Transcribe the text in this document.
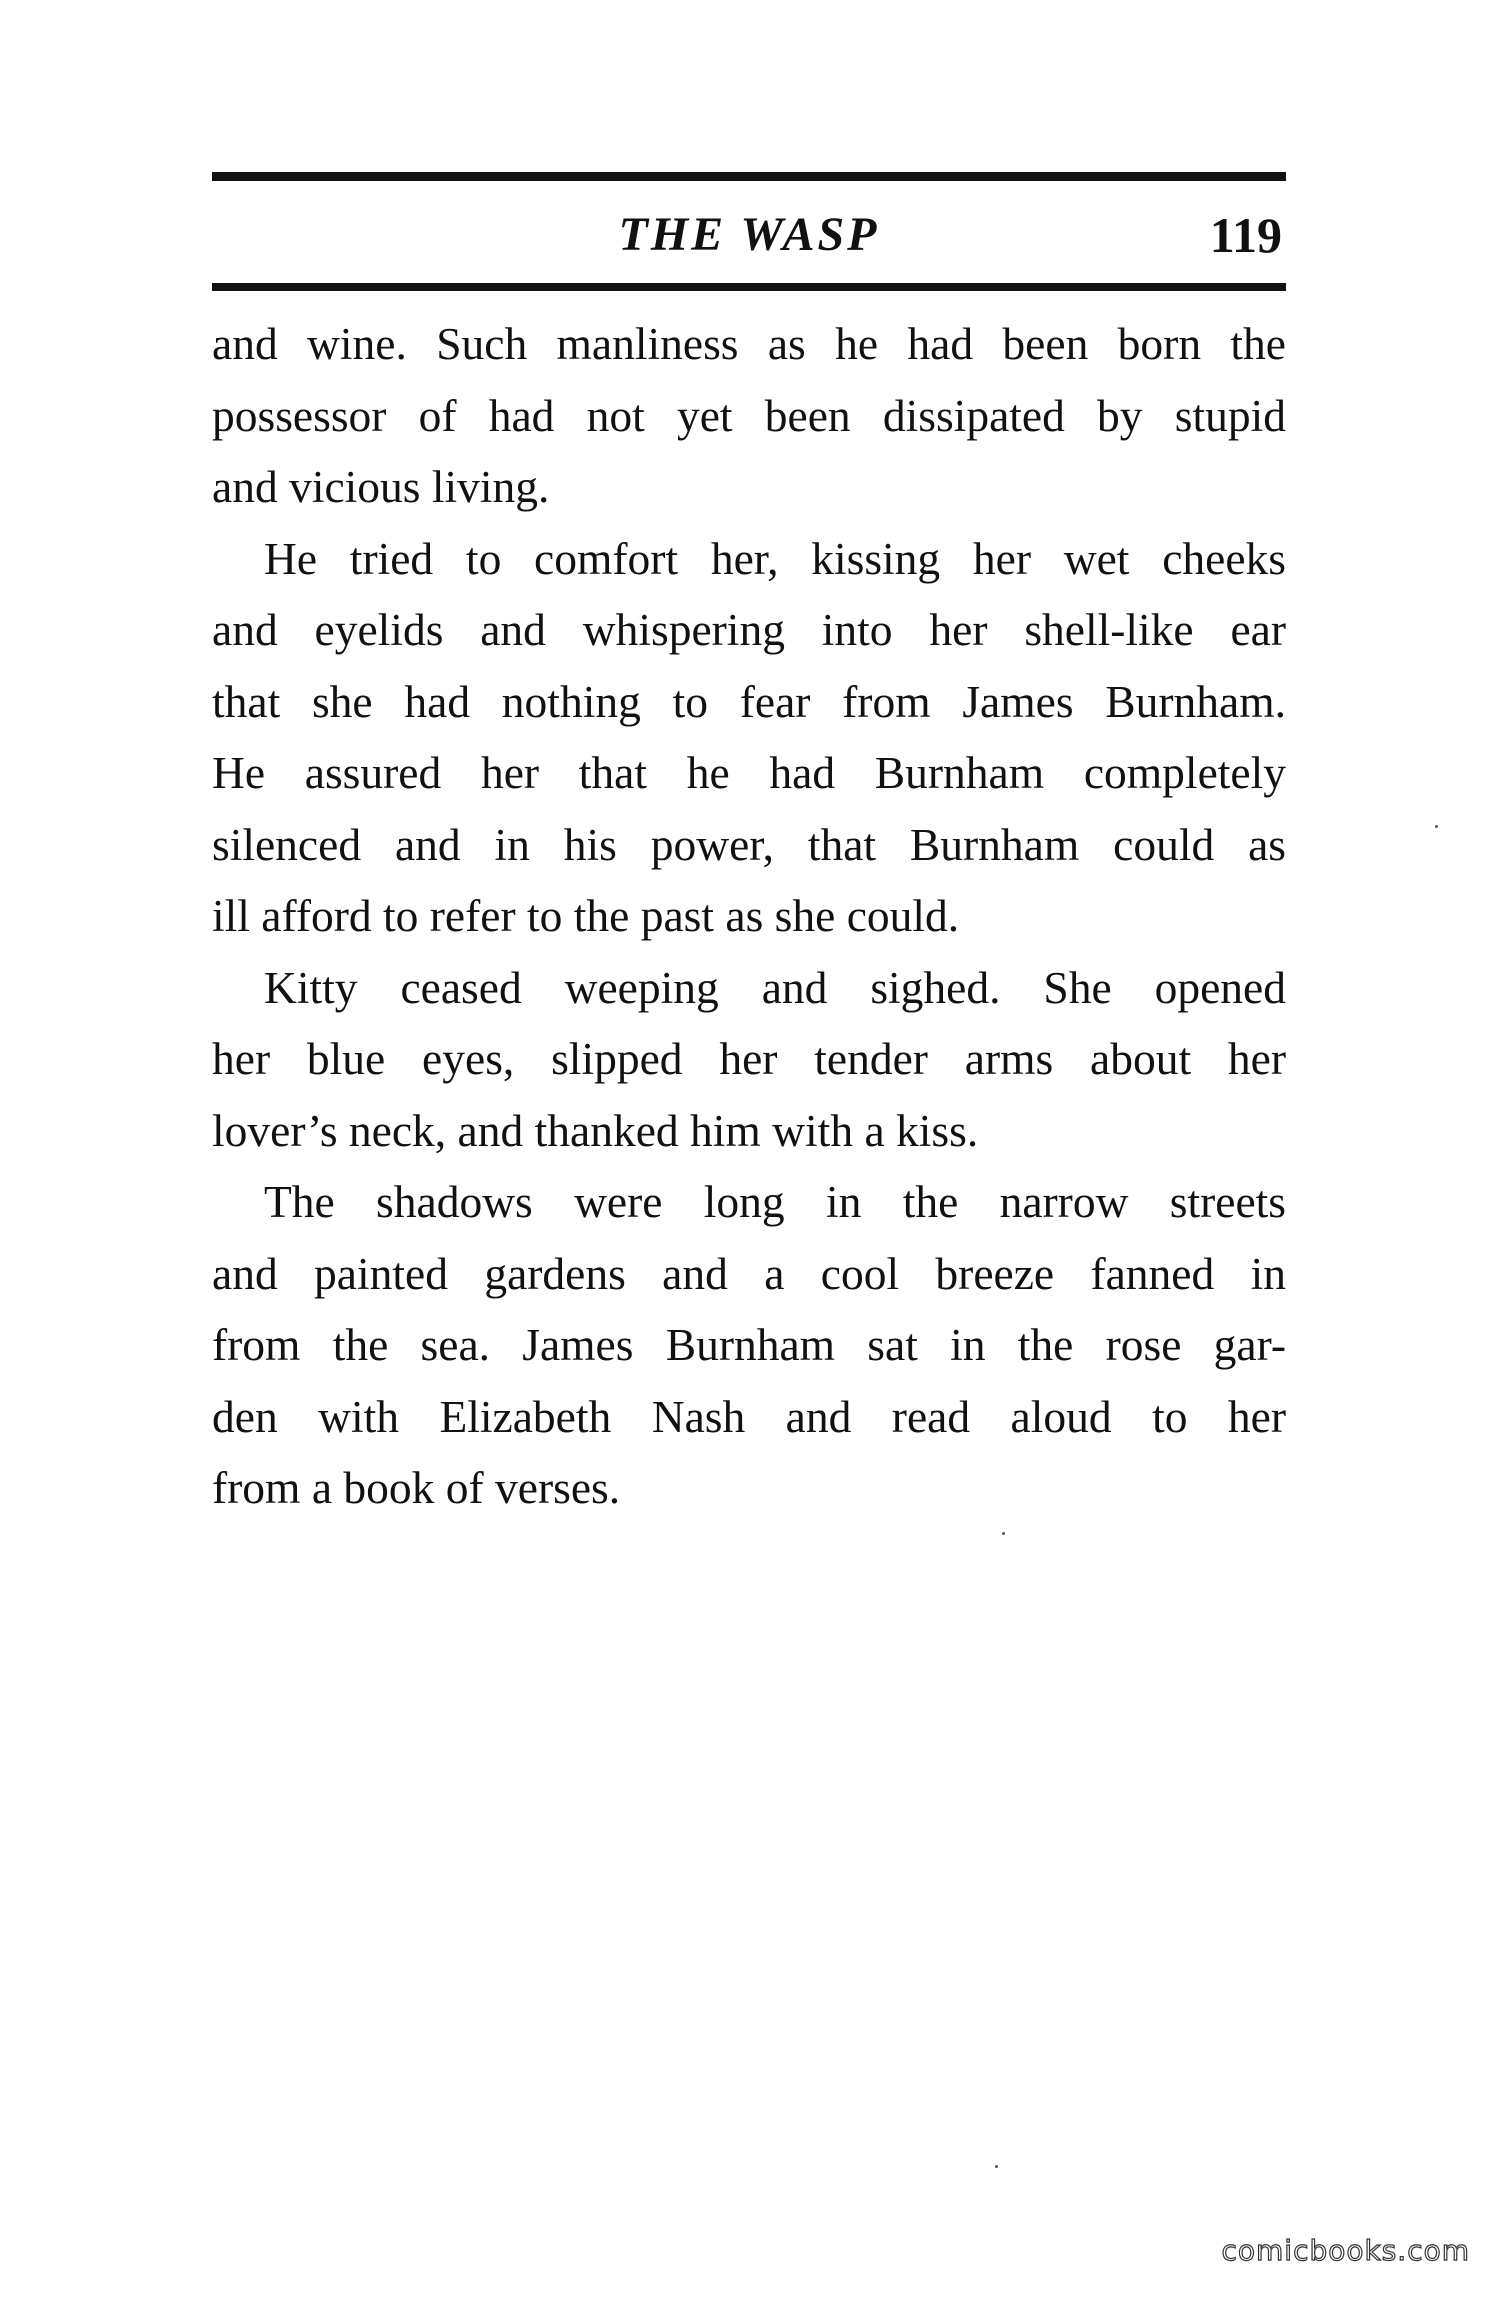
THE WASP	119
and wine. Such manliness as he had been born the
possessor of had not yet been dissipated by stupid
and vicious living.
He tried to comfort her, kissing her wet cheeks
and eyelids and whispering into her shell-like ear
that she had nothing to fear from James Burnham.
He assured her that he had Burnham completely
silenced and in his power, that Burnham could as
ill afford to refer to the past as she could.
Kitty ceased weeping and sighed. She opened
her blue eyes, slipped her tender arms about her
lover’s neck, and thanked him with a kiss.
The shadows were long in the narrow streets
and painted gardens and a cool breeze fanned in
from the sea. James Burnham sat in the rose gar-
den with Elizabeth Nash and read aloud to her
from a book of verses.
comicbooks.com
